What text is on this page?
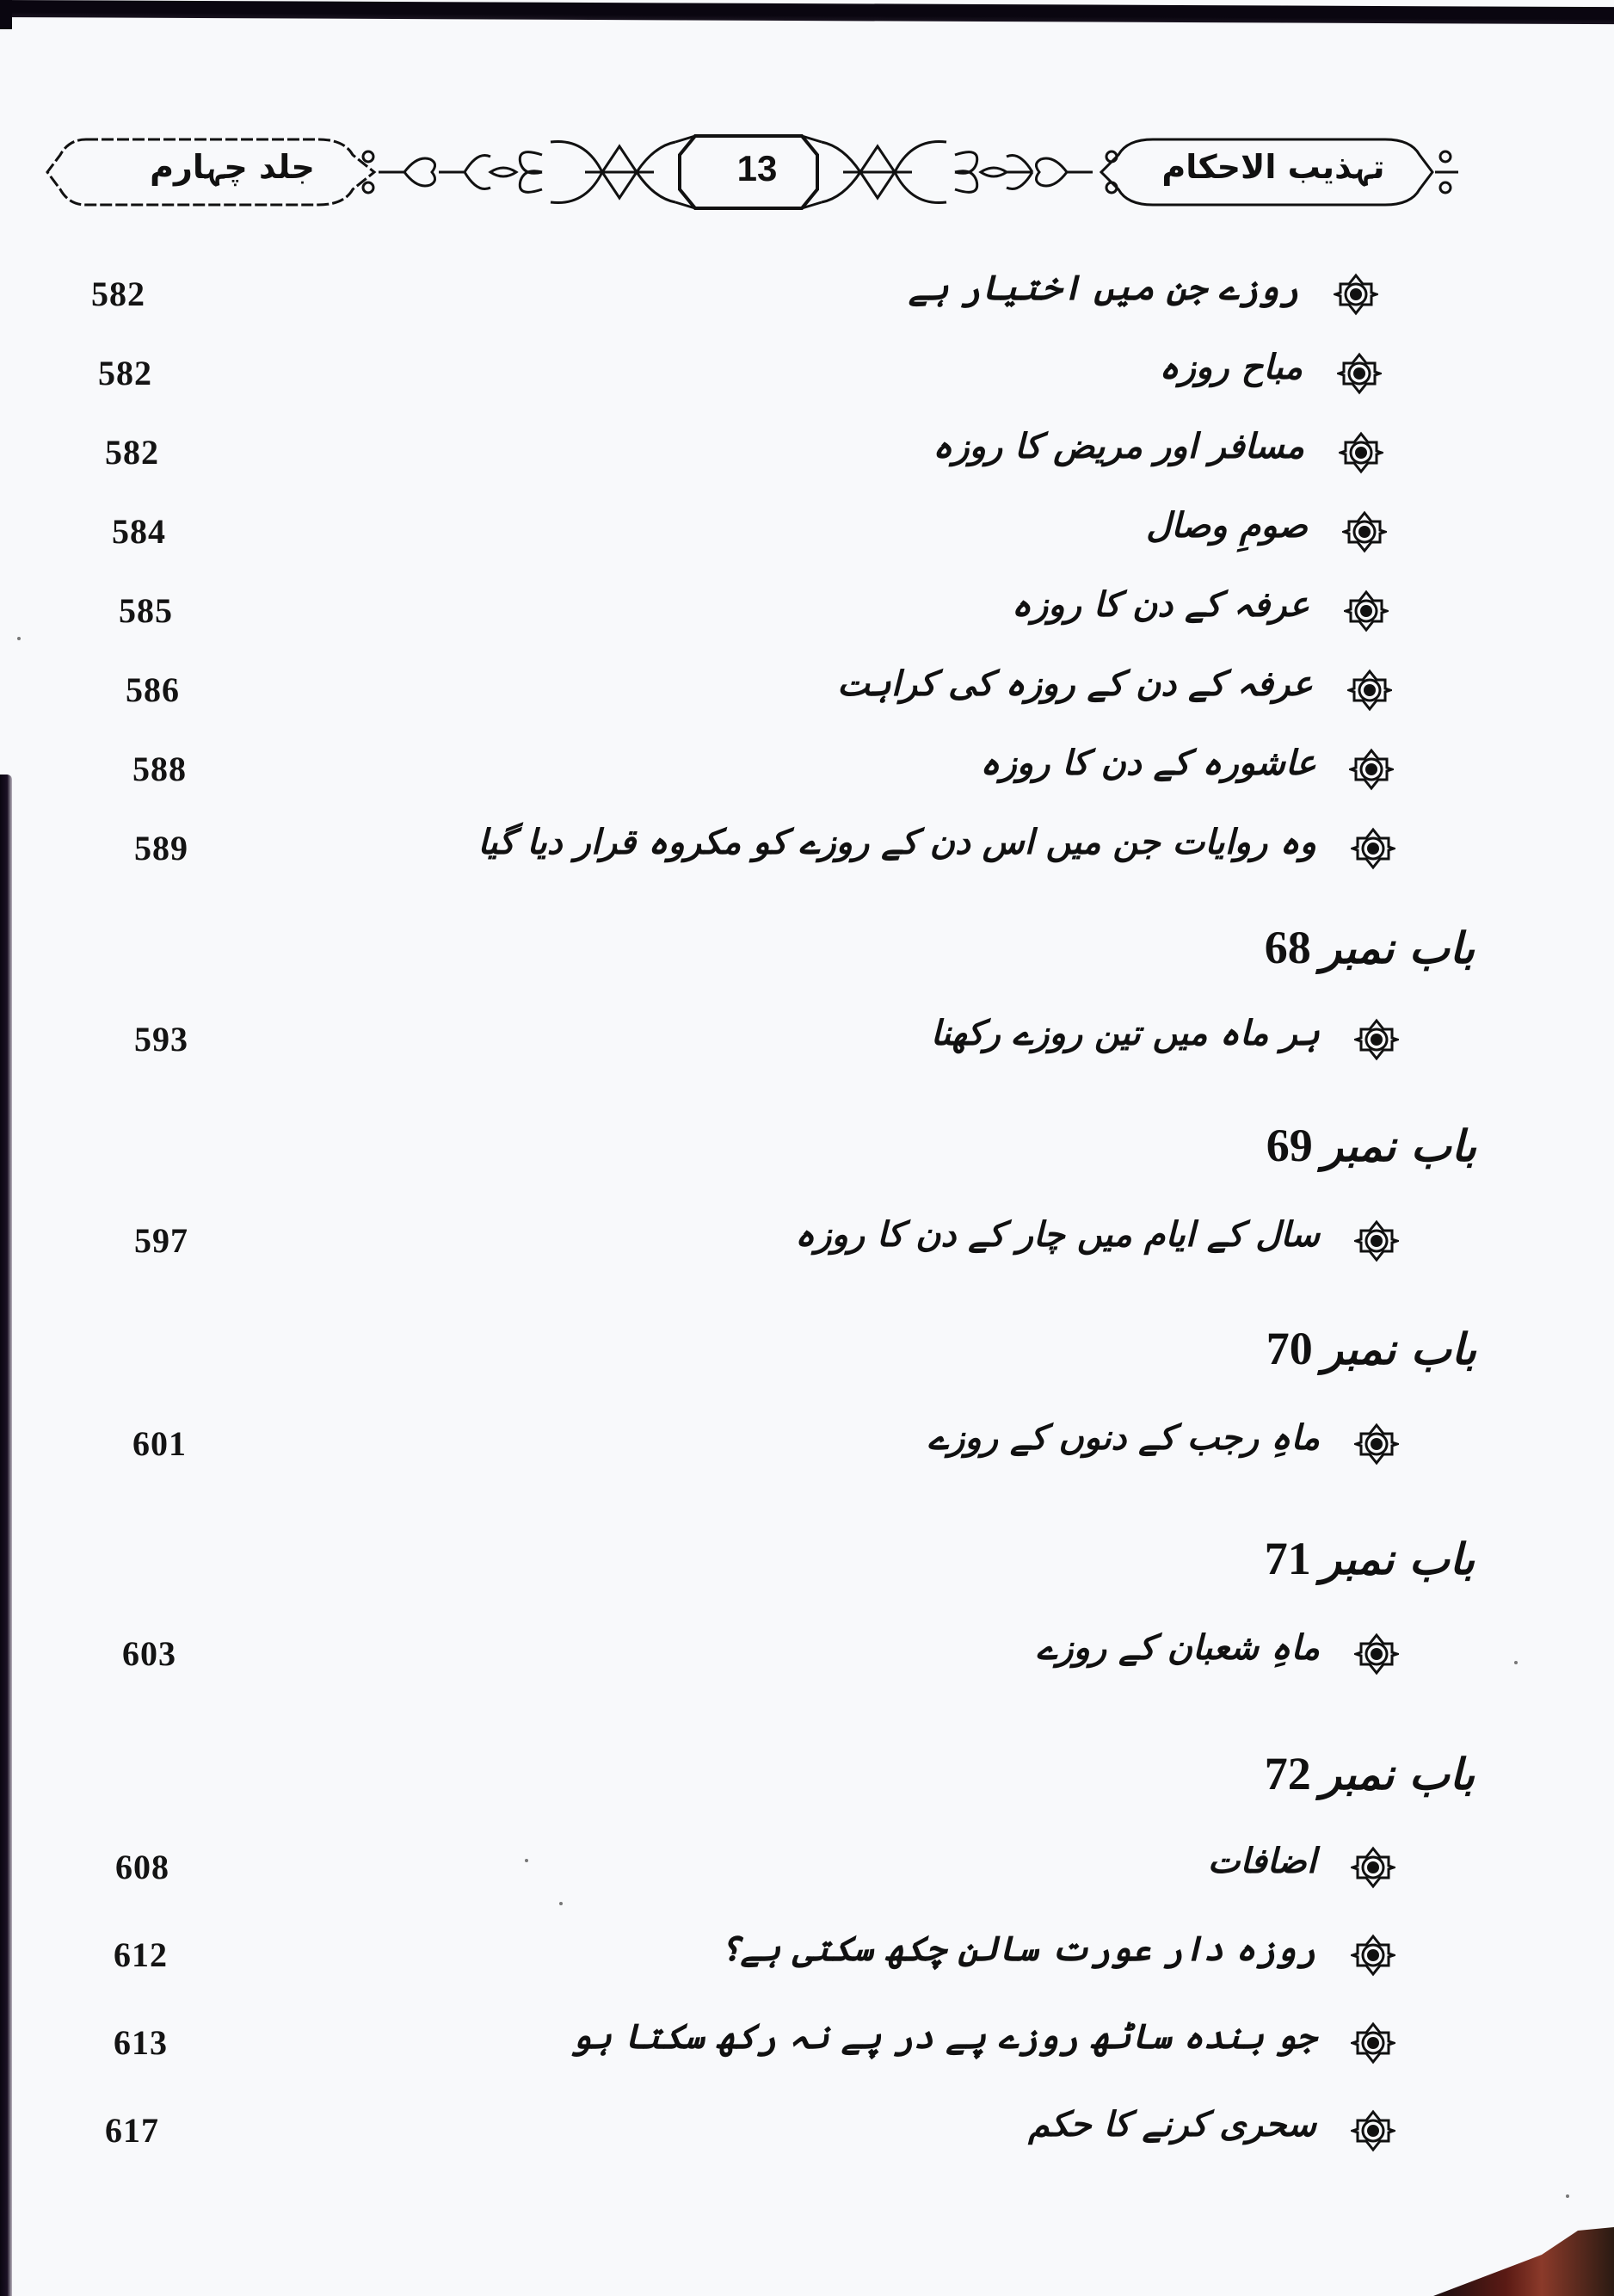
جلد چہارم	13	تہذیب الاحکام
582	روزے جن میں اختیار ہے
582	مباح روزہ
582	مسافر اور مریض کا روزہ
584	صومِ وصال
585	عرفہ کے دن کا روزہ
586	عرفہ کے دن کے روزہ کی کراہت
588	عاشورہ کے دن کا روزہ
589	وہ روایات جن میں اس دن کے روزے کو مکروہ قرار دیا گیا
باب نمبر 68
593	ہر ماہ میں تین روزے رکھنا
باب نمبر 69
597	سال کے ایام میں چار کے دن کا روزہ
باب نمبر 70
601	ماہِ رجب کے دنوں کے روزے
باب نمبر 71
603	ماہِ شعبان کے روزے
باب نمبر 72
608	اضافات
612	روزہ دار عورت سالن چکھ سکتی ہے؟
613	جو بندہ ساٹھ روزے پے در پے نہ رکھ سکتا ہو
617	سحری کرنے کا حکم
